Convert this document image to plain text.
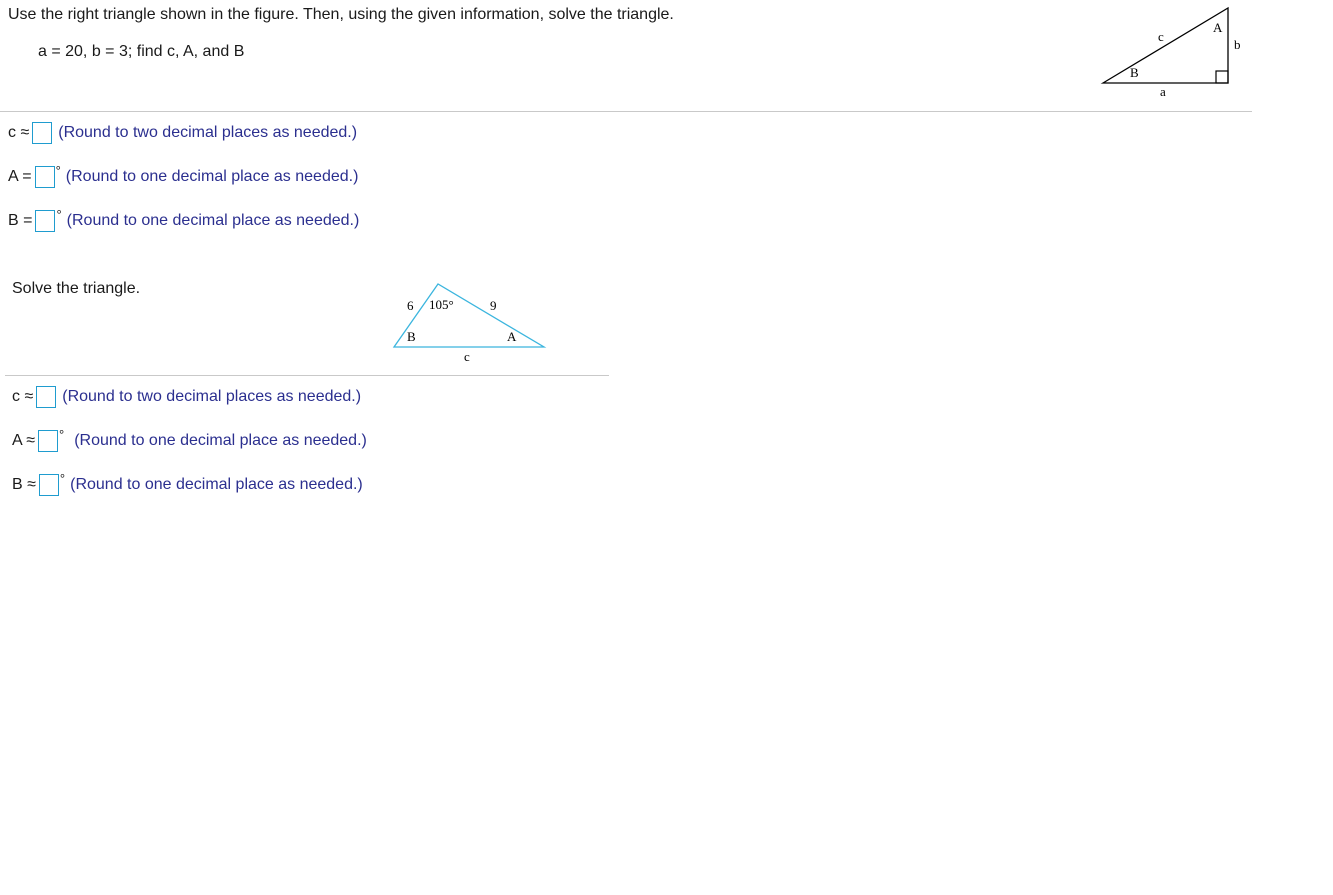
Use the right triangle shown in the figure. Then, using the given information, solve the triangle.
a = 20, b = 3; find c, A, and B
A
B
a
b
c
c ≈ (Round to two decimal places as needed.)
A = ° (Round to one decimal place as needed.)
B = ° (Round to one decimal place as needed.)
Solve the triangle.
6 105°	9
B	A
c
c ≈ (Round to two decimal places as needed.)
A ≈ ° (Round to one decimal place as needed.)
B ≈ ° (Round to one decimal place as needed.)
